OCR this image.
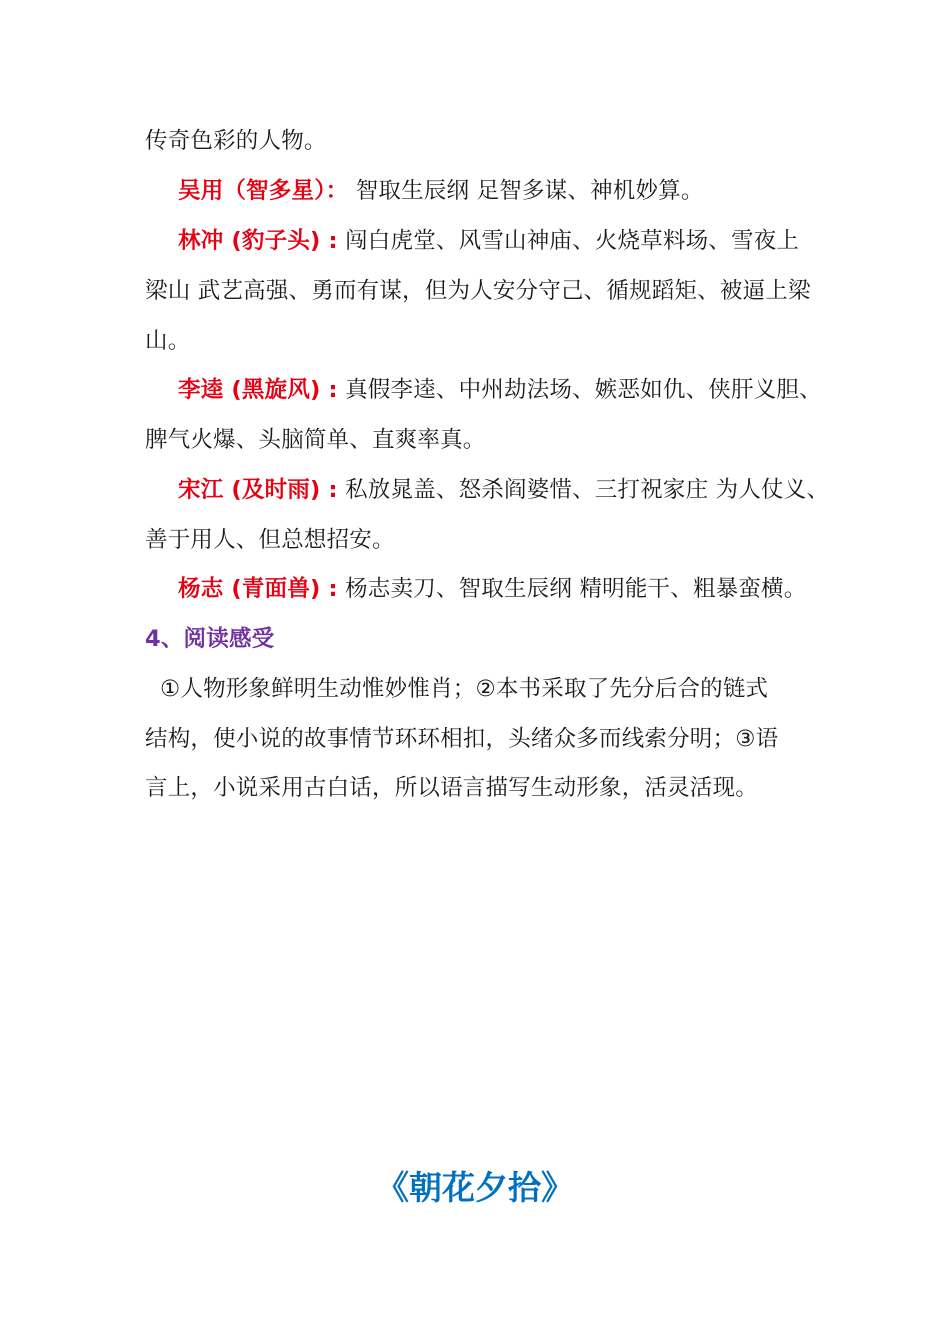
传奇色彩的人物。
吴用（智多星）： 智取生辰纲 足智多谋、神机妙算。
林冲 (豹子头) : 闯白虎堂、风雪山神庙、火烧草料场、雪夜上
梁山 武艺高强、勇而有谋，但为人安分守己、循规蹈矩、被逼上梁
山。
李逵 (黑旋风) : 真假李逵、中州劫法场、嫉恶如仇、侠肝义胆、
脾气火爆、头脑简单、直爽率真。
宋江 (及时雨) : 私放晁盖、怒杀阎婆惜、三打祝家庄 为人仗义、
善于用人、但总想招安。
杨志 (青面兽) : 杨志卖刀、智取生辰纲 精明能干、粗暴蛮横。
4、阅读感受
①人物形象鲜明生动惟妙惟肖；②本书采取了先分后合的链式
结构，使小说的故事情节环环相扣，头绪众多而线索分明；③语
言上，小说采用古白话，所以语言描写生动形象，活灵活现。
《朝花夕拾》
